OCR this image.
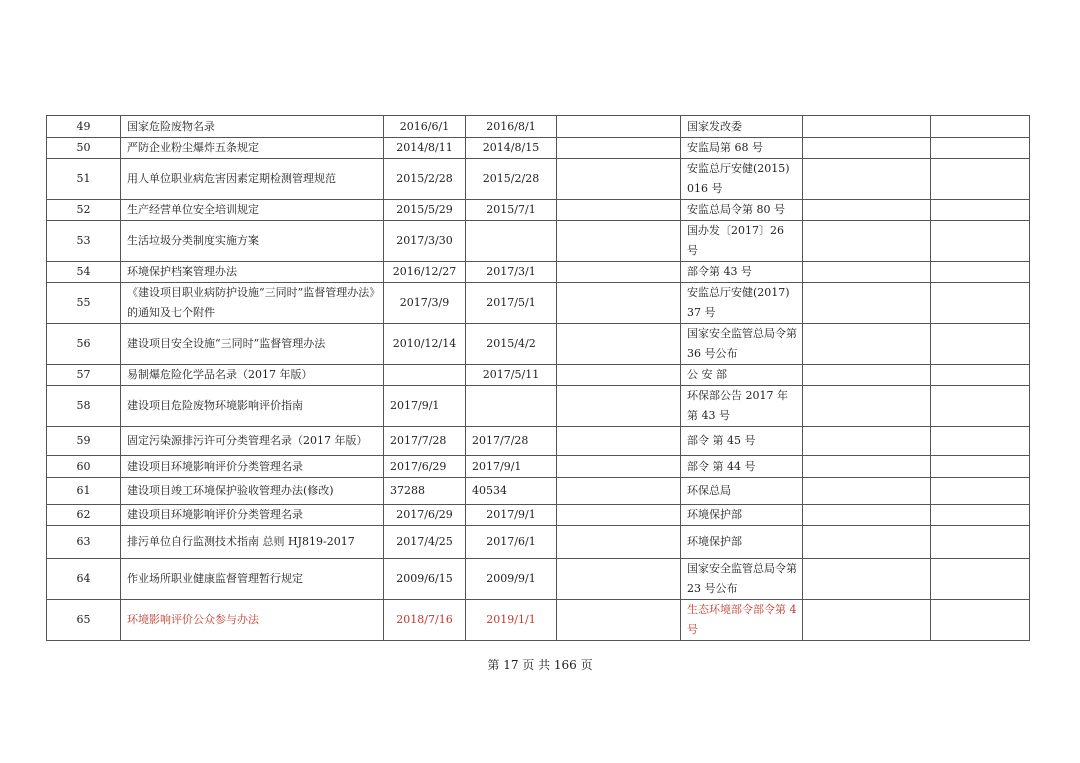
49	国家危险废物名录	2016/6/1	2016/8/1		国家发改委		
50	严防企业粉尘爆炸五条规定	2014/8/11	2014/8/15		安监局第 68 号		
51	用人单位职业病危害因素定期检测管理规范	2015/2/28	2015/2/28		安监总厅安健(2015) 016 号		
52	生产经营单位安全培训规定	2015/5/29	2015/7/1		安监总局令第 80 号		
53	生活垃圾分类制度实施方案	2017/3/30			国办发〔2017〕26 号		
54	环境保护档案管理办法	2016/12/27	2017/3/1		部令第 43 号		
55	《建设项目职业病防护设施“三同时”监督管理办法》的通知及七个附件	2017/3/9	2017/5/1		安监总厅安健(2017) 37 号		
56	建设项目安全设施“三同时”监督管理办法	2010/12/14	2015/4/2		国家安全监管总局令第 36 号公布		
57	易制爆危险化学品名录（2017 年版）		2017/5/11		公 安 部		
58	建设项目危险废物环境影响评价指南	2017/9/1			环保部公告 2017 年第 43 号		
59	固定污染源排污许可分类管理名录（2017 年版）	2017/7/28	2017/7/28		部令 第 45 号		
60	建设项目环境影响评价分类管理名录	2017/6/29	2017/9/1		部令 第 44 号		
61	建设项目竣工环境保护验收管理办法(修改)	37288	40534		环保总局		
62	建设项目环境影响评价分类管理名录	2017/6/29	2017/9/1		环境保护部		
63	排污单位自行监测技术指南 总则 HJ819-2017	2017/4/25	2017/6/1		环境保护部		
64	作业场所职业健康监督管理暂行规定	2009/6/15	2009/9/1		国家安全监管总局令第 23 号公布		
65	环境影响评价公众参与办法	2018/7/16	2019/1/1		生态环境部令部令第 4 号		
第 17 页 共 166 页
